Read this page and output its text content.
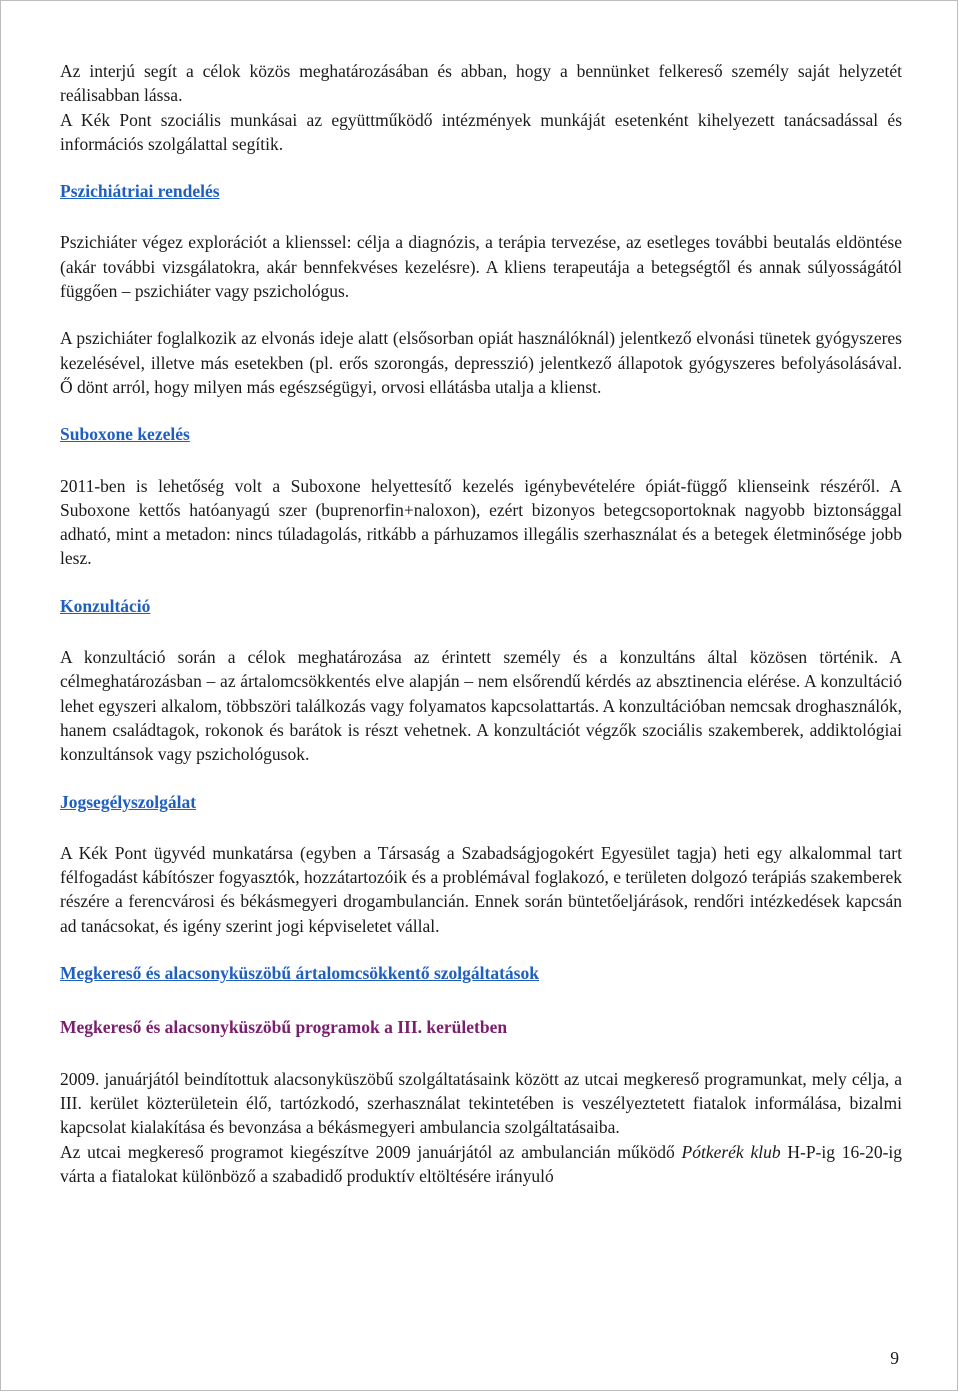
Az interjú segít a célok közös meghatározásában és abban, hogy a bennünket felkereső személy saját helyzetét reálisabban lássa.

A Kék Pont szociális munkásai az együttműködő intézmények munkáját esetenként kihelyezett tanácsadással és információs szolgálattal segítik.

Pszichiátriai rendelés

Pszichiáter végez explorációt a klienssel: célja a diagnózis, a terápia tervezése, az esetleges további beutalás eldöntése (akár további vizsgálatokra, akár bennfekvéses kezelésre). A kliens terapeutája a betegségtől és annak súlyosságától függően – pszichiáter vagy pszichológus.

A pszichiáter foglalkozik az elvonás ideje alatt (elsősorban opiát használóknál) jelentkező elvonási tünetek gyógyszeres kezelésével, illetve más esetekben (pl. erős szorongás, depresszió) jelentkező állapotok gyógyszeres befolyásolásával. Ő dönt arról, hogy milyen más egészségügyi, orvosi ellátásba utalja a klienst.

Suboxone kezelés

2011-ben is lehetőség volt a Suboxone helyettesítő kezelés igénybevételére ópiát-függő klienseink részéről. A Suboxone kettős hatóanyagú szer (buprenorfin+naloxon), ezért bizonyos betegcsoportoknak nagyobb biztonsággal adható, mint a metadon: nincs túladagolás, ritkább a párhuzamos illegális szerhasználat és a betegek életminősége jobb lesz.

Konzultáció

A konzultáció során a célok meghatározása az érintett személy és a konzultáns által közösen történik. A célmeghatározásban – az ártalomcsökkentés elve alapján – nem elsőrendű kérdés az absztinencia elérése. A konzultáció lehet egyszeri alkalom, többszöri találkozás vagy folyamatos kapcsolattartás. A konzultációban nemcsak droghasználók, hanem családtagok, rokonok és barátok is részt vehetnek. A konzultációt végzők szociális szakemberek, addiktológiai konzultánsok vagy pszichológusok.

Jogsegélyszolgálat

A Kék Pont ügyvéd munkatársa (egyben a Társaság a Szabadságjogokért Egyesület tagja) heti egy alkalommal tart félfogadást kábítószer fogyasztók, hozzátartozóik és a problémával foglakozó, e területen dolgozó terápiás szakemberek részére a ferencvárosi és békásmegyeri drogambulancián. Ennek során büntetőeljárások, rendőri intézkedések kapcsán ad tanácsokat, és igény szerint jogi képviseletet vállal.

Megkereső és alacsonyküszöbű ártalomcsökkentő szolgáltatások

Megkereső és alacsonyküszöbű programok a III. kerületben

2009. januárjától beindítottuk alacsonyküszöbű szolgáltatásaink között az utcai megkereső programunkat, mely célja, a III. kerület közterületein élő, tartózkodó, szerhasználat tekintetében is veszélyeztetett fiatalok informálása, bizalmi kapcsolat kialakítása és bevonzása a békásmegyeri ambulancia szolgáltatásaiba.

Az utcai megkereső programot kiegészítve 2009 januárjától az ambulancián működő Pótkerék klub H-P-ig 16-20-ig várta a fiatalokat különböző a szabadidő produktív eltöltésére irányuló

9
